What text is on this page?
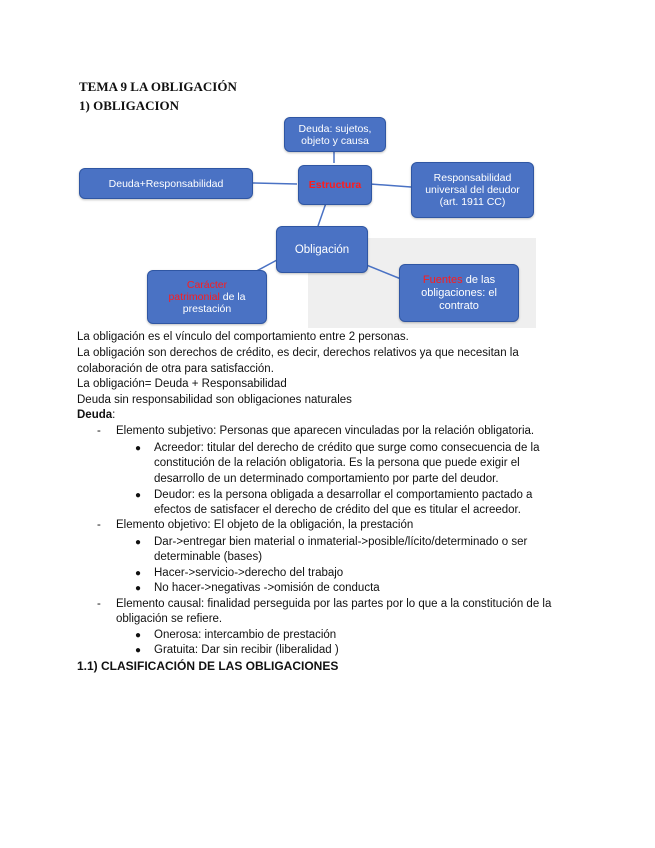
TEMA 9 LA OBLIGACIÓN
1) OBLIGACION
Deuda: sujetos,
objeto y causa
Deuda+Responsabilidad	Estructura
Responsabilidad
universal del deudor
(art. 1911 CC)
Obligación
Carácter
patrimonial de la
prestación
Fuentes de las
obligaciones: el
contrato
La obligación es el vínculo del comportamiento entre 2 personas.
La obligación son derechos de crédito, es decir, derechos relativos ya que necesitan la
colaboración de otra para satisfacción.
La obligación= Deuda + Responsabilidad
Deuda sin responsabilidad son obligaciones naturales
Deuda:
- Elemento subjetivo: Personas que aparecen vinculadas por la relación obligatoria.
● Acreedor: titular del derecho de crédito que surge como consecuencia de la
constitución de la relación obligatoria. Es la persona que puede exigir el
desarrollo de un determinado comportamiento por parte del deudor.
● Deudor: es la persona obligada a desarrollar el comportamiento pactado a
efectos de satisfacer el derecho de crédito del que es titular el acreedor.
- Elemento objetivo: El objeto de la obligación, la prestación
● Dar->entregar bien material o inmaterial->posible/lícito/determinado o ser
determinable (bases)
● Hacer->servicio->derecho del trabajo
● No hacer->negativas ->omisión de conducta
- Elemento causal: finalidad perseguida por las partes por lo que a la constitución de la
obligación se refiere.
● Onerosa: intercambio de prestación
● Gratuita: Dar sin recibir (liberalidad )
1.1) CLASIFICACIÓN DE LAS OBLIGACIONES
